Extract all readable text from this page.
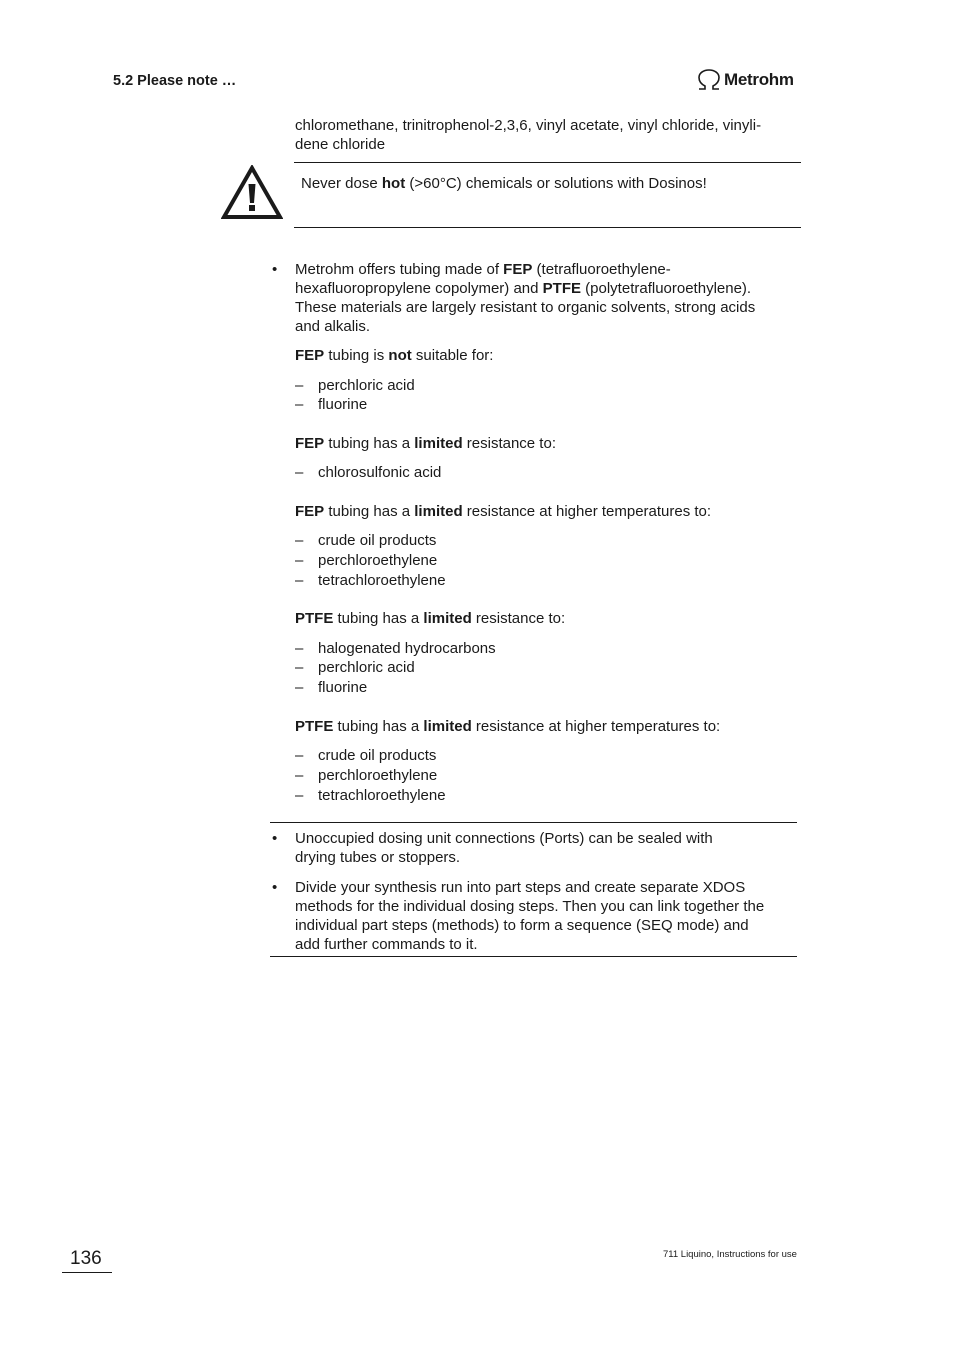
5.2 Please note …	Metrohm
chloromethane, trinitrophenol-2,3,6, vinyl acetate, vinyl chloride, vinyli-
dene chloride
Never dose hot (>60°C) chemicals or solutions with Dosinos!
• Metrohm offers tubing made of FEP (tetrafluoroethylene-
hexafluoropropylene copolymer) and PTFE (polytetrafluoroethylene).
These materials are largely resistant to organic solvents, strong acids
and alkalis.
FEP tubing is not suitable for:
– perchloric acid
– fluorine
FEP tubing has a limited resistance to:
– chlorosulfonic acid
FEP tubing has a limited resistance at higher temperatures to:
– crude oil products
– perchloroethylene
– tetrachloroethylene
PTFE tubing has a limited resistance to:
– halogenated hydrocarbons
– perchloric acid
– fluorine
PTFE tubing has a limited resistance at higher temperatures to:
– crude oil products
– perchloroethylene
– tetrachloroethylene
• Unoccupied dosing unit connections (Ports) can be sealed with
drying tubes or stoppers.
• Divide your synthesis run into part steps and create separate XDOS
methods for the individual dosing steps. Then you can link together the
individual part steps (methods) to form a sequence (SEQ mode) and
add further commands to it.
136	711 Liquino, Instructions for use
